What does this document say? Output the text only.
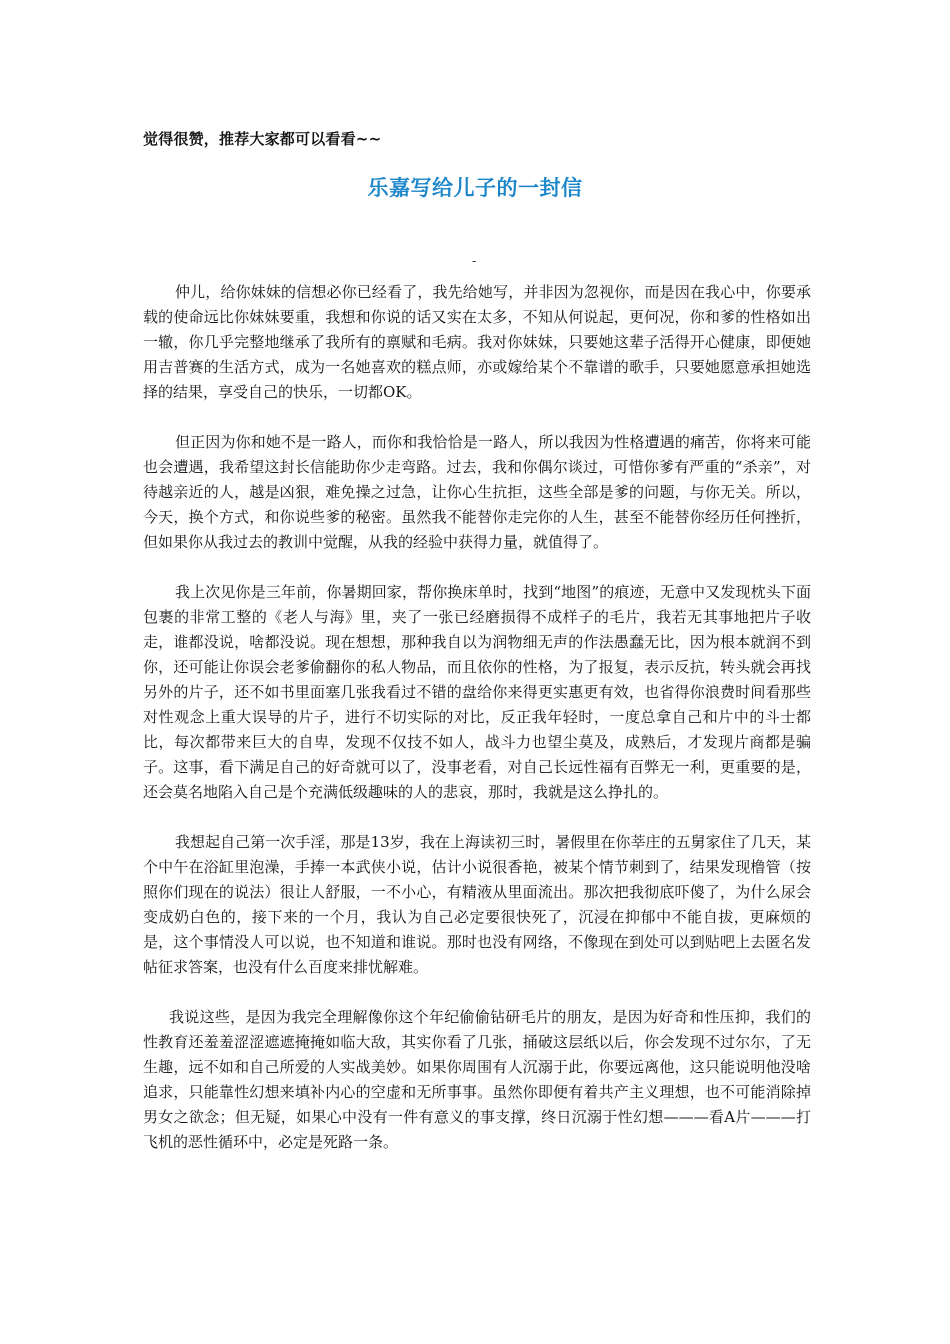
觉得很赞，推荐大家都可以看看~~
乐嘉写给儿子的一封信
-

仲儿，给你妹妹的信想必你已经看了，我先给她写，并非因为忽视你，而是因在我心中，你要承载的使命远比你妹妹要重，我想和你说的话又实在太多，不知从何说起，更何况，你和爹的性格如出一辙，你几乎完整地继承了我所有的禀赋和毛病。我对你妹妹，只要她这辈子活得开心健康，即便她用吉普赛的生活方式，成为一名她喜欢的糕点师，亦或嫁给某个不靠谱的歌手，只要她愿意承担她选择的结果，享受自己的快乐，一切都OK。

但正因为你和她不是一路人，而你和我恰恰是一路人，所以我因为性格遭遇的痛苦，你将来可能也会遭遇，我希望这封长信能助你少走弯路。过去，我和你偶尔谈过，可惜你爹有严重的“杀亲”，对待越亲近的人，越是凶狠，难免操之过急，让你心生抗拒，这些全部是爹的问题，与你无关。所以，今天，换个方式，和你说些爹的秘密。虽然我不能替你走完你的人生，甚至不能替你经历任何挫折，但如果你从我过去的教训中觉醒，从我的经验中获得力量，就值得了。

我上次见你是三年前，你暑期回家，帮你换床单时，找到“地图”的痕迹，无意中又发现枕头下面包裹的非常工整的《老人与海》里，夹了一张已经磨损得不成样子的毛片，我若无其事地把片子收走，谁都没说，啥都没说。现在想想，那种我自以为润物细无声的作法愚蠢无比，因为根本就润不到你，还可能让你误会老爹偷翻你的私人物品，而且依你的性格，为了报复，表示反抗，转头就会再找另外的片子，还不如书里面塞几张我看过不错的盘给你来得更实惠更有效，也省得你浪费时间看那些对性观念上重大误导的片子，进行不切实际的对比，反正我年轻时，一度总拿自己和片中的斗士都比，每次都带来巨大的自卑，发现不仅技不如人，战斗力也望尘莫及，成熟后，才发现片商都是骗子。这事，看下满足自己的好奇就可以了，没事老看，对自己长远性福有百弊无一利，更重要的是，还会莫名地陷入自己是个充满低级趣味的人的悲哀，那时，我就是这么挣扎的。

我想起自己第一次手淫，那是13岁，我在上海读初三时，暑假里在你莘庄的五舅家住了几天，某个中午在浴缸里泡澡，手捧一本武侠小说，估计小说很香艳，被某个情节刺到了，结果发现橹管（按照你们现在的说法）很让人舒服，一不小心，有精液从里面流出。那次把我彻底吓傻了，为什么尿会变成奶白色的，接下来的一个月，我认为自己必定要很快死了，沉浸在抑郁中不能自拔，更麻烦的是，这个事情没人可以说，也不知道和谁说。那时也没有网络，不像现在到处可以到贴吧上去匿名发帖征求答案，也没有什么百度来排忧解难。

我说这些，是因为我完全理解像你这个年纪偷偷钻研毛片的朋友，是因为好奇和性压抑，我们的性教育还羞羞涩涩遮遮掩掩如临大敌，其实你看了几张，捅破这层纸以后，你会发现不过尔尔，了无生趣，远不如和自己所爱的人实战美妙。如果你周围有人沉溺于此，你要远离他，这只能说明他没啥追求，只能靠性幻想来填补内心的空虚和无所事事。虽然你即便有着共产主义理想，也不可能消除掉男女之欲念；但无疑，如果心中没有一件有意义的事支撑，终日沉溺于性幻想———看A片———打飞机的恶性循环中，必定是死路一条。
